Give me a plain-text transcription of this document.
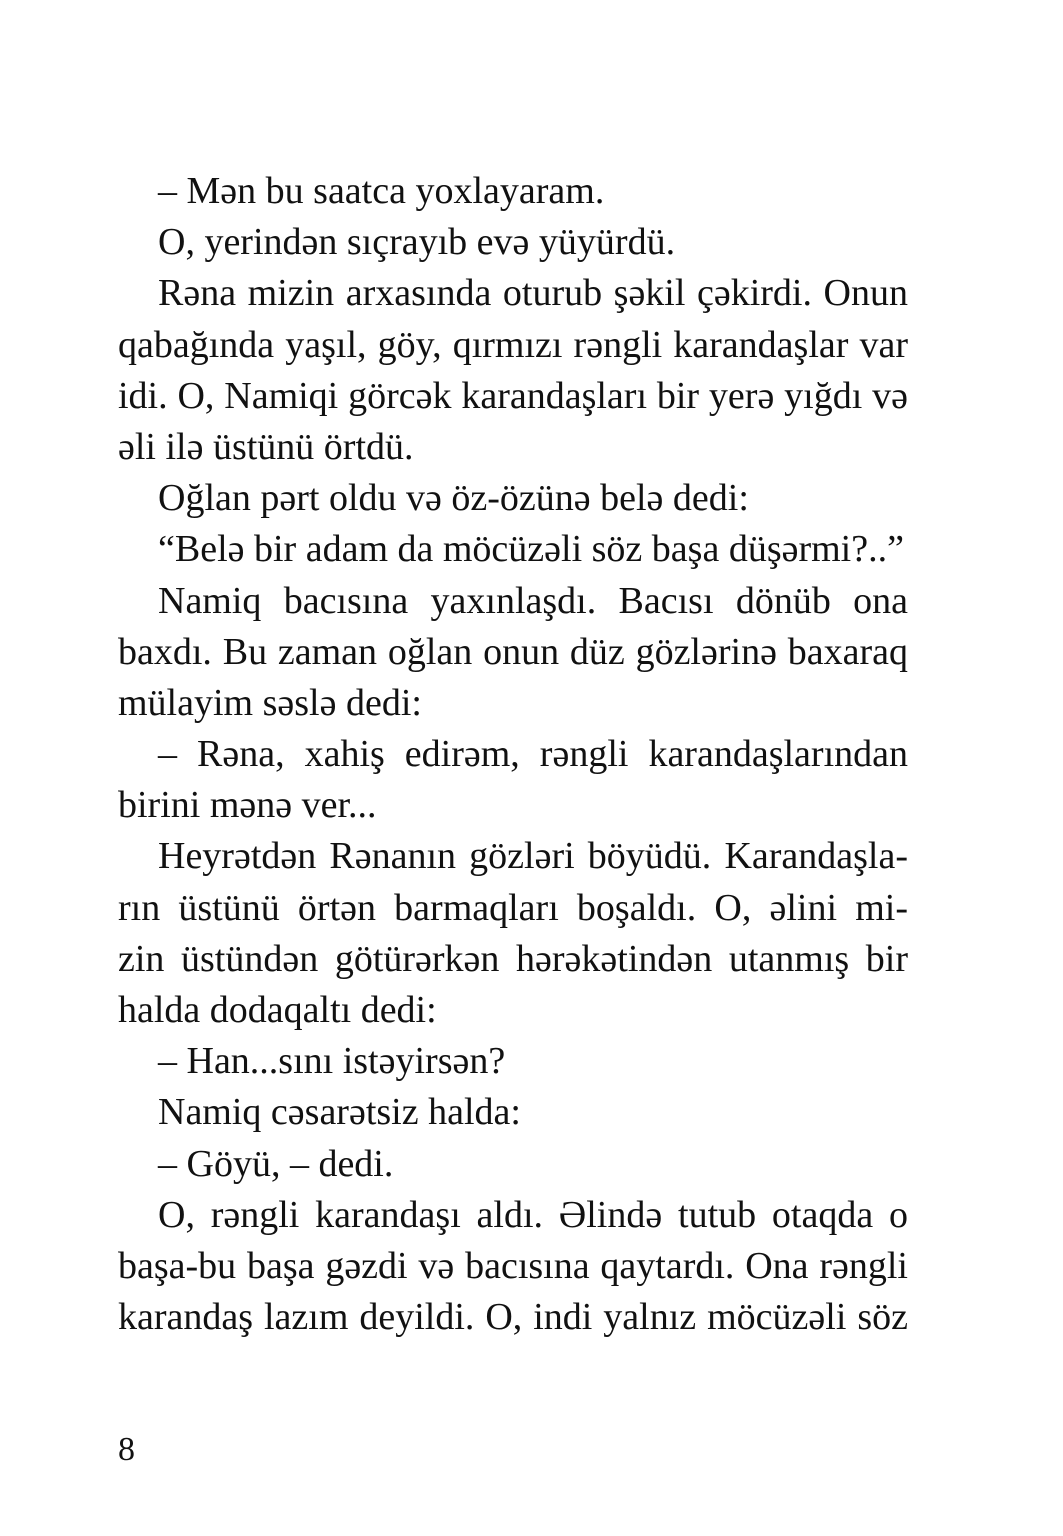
– Mən bu saatca yoxlayaram.
O, yerindən sıçrayıb evə yüyürdü.
Rəna mizin arxasında oturub şəkil çəkirdi. Onun
qabağında yaşıl, göy, qırmızı rəngli karandaşlar var
idi. O, Namiqi görcək karandaşları bir yerə yığdı və
əli ilə üstünü örtdü.
Oğlan pərt oldu və öz-özünə belə dedi:
“Belə bir adam da möcüzəli söz başa düşərmi?..”
Namiq bacısına yaxınlaşdı. Bacısı dönüb ona
baxdı. Bu zaman oğlan onun düz gözlərinə baxaraq
mülayim səslə dedi:
– Rəna, xahiş edirəm, rəngli karandaşlarından
birini mənə ver...
Heyrətdən Rənanın gözləri böyüdü. Karandaşla-
rın üstünü örtən barmaqları boşaldı. O, əlini mi-
zin üstündən götürərkən hərəkətindən utanmış bir
halda dodaqaltı dedi:
– Han...sını istəyirsən?
Namiq cəsarətsiz halda:
– Göyü, – dedi.
O, rəngli karandaşı aldı. Əlində tutub otaqda o
başa-bu başa gəzdi və bacısına qaytardı. Ona rəngli
karandaş lazım deyildi. O, indi yalnız möcüzəli söz
8
